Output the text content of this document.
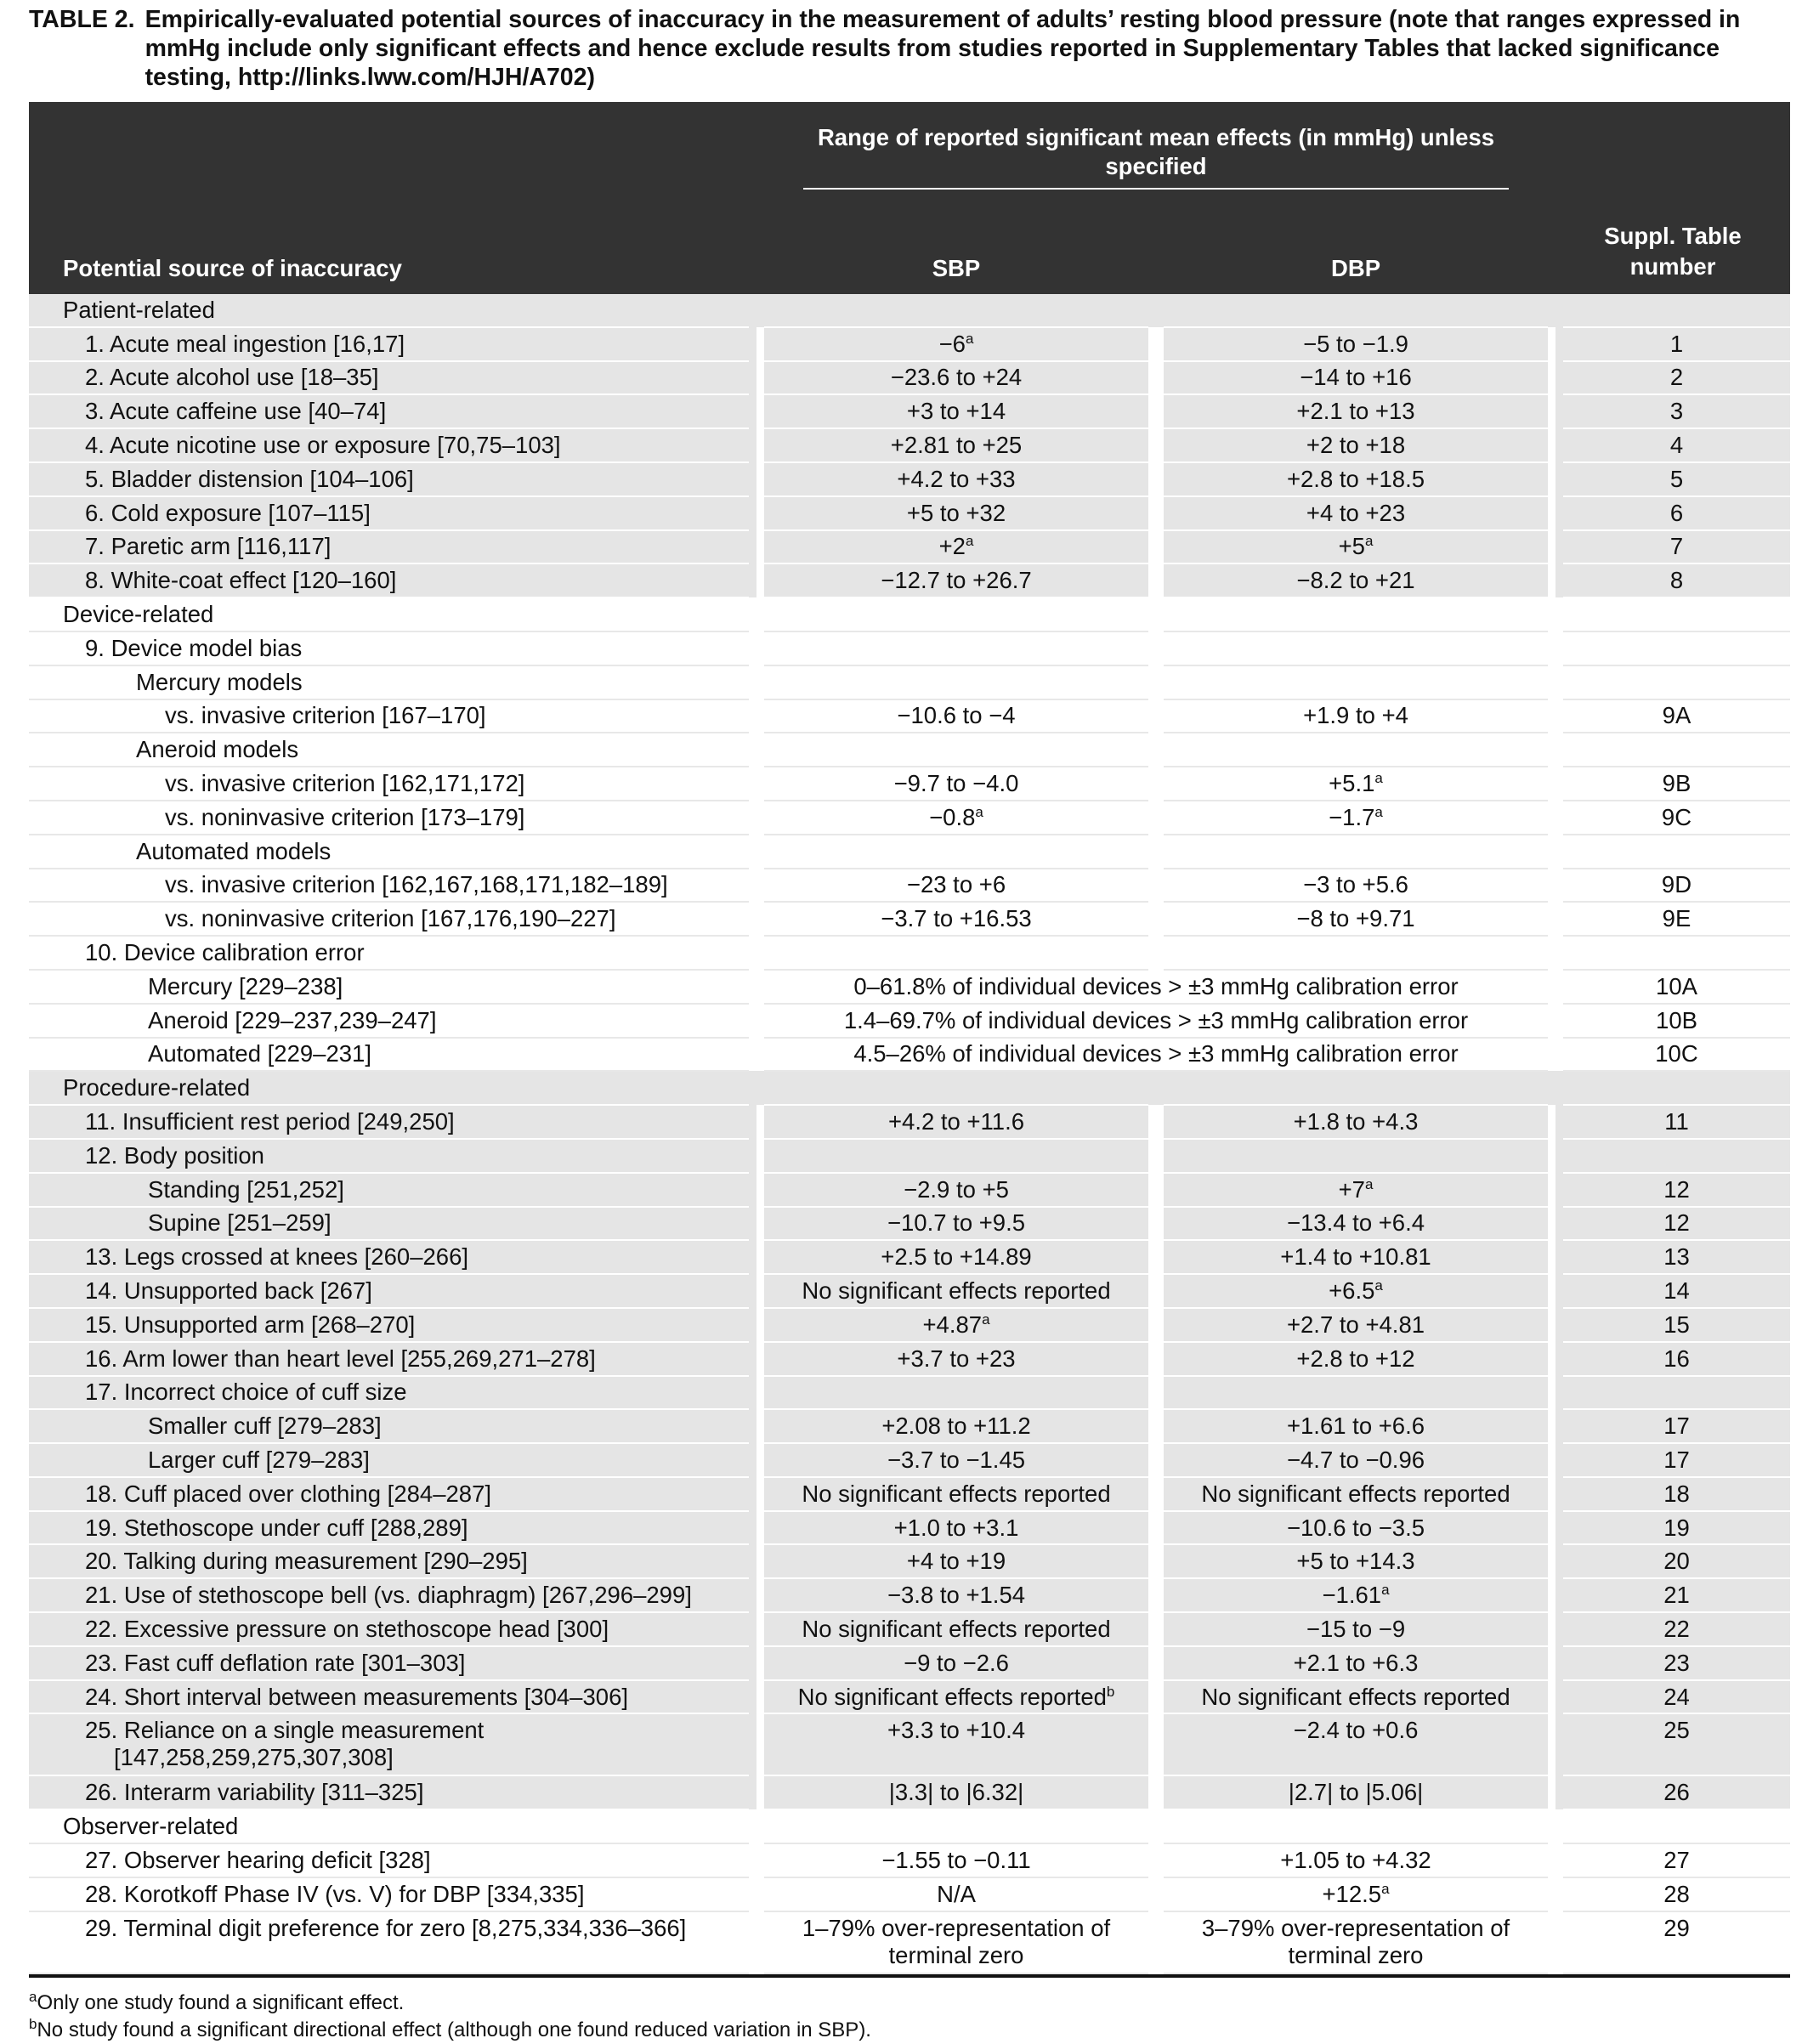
TABLE 2. Empirically-evaluated potential sources of inaccuracy in the measurement of adults’ resting blood pressure (note that ranges expressed in mmHg include only significant effects and hence exclude results from studies reported in Supplementary Tables that lacked significance testing, http://links.lww.com/HJH/A702)

	Range of reported significant mean effects (in mmHg) unless specified		

Potential source of inaccuracy	SBP	DBP	Suppl. Table number

Patient-related			
1. Acute meal ingestion [16,17]	$-6^a$	−5 to −1.9	1
2. Acute alcohol use [18–35]	−23.6 to +24	−14 to +16	2
3. Acute caffeine use [40–74]	+3 to +14	+2.1 to +13	3
4. Acute nicotine use or exposure [70,75–103]	+2.81 to +25	+2 to +18	4
5. Bladder distension [104–106]	+4.2 to +33	+2.8 to +18.5	5
6. Cold exposure [107–115]	+5 to +32	+4 to +23	6
7. Paretic arm [116,117]	$+2^a$	$+5^a$	7
8. White-coat effect [120–160]	−12.7 to +26.7	−8.2 to +21	8
Device-related			
9. Device model bias			
Mercury models			
vs. invasive criterion [167–170]	−10.6 to −4	+1.9 to +4	9A
Aneroid models			
vs. invasive criterion [162,171,172]	−9.7 to −4.0	+5.1$^a$	9B
vs. noninvasive criterion [173–179]	−0.8$^a$	−1.7$^a$	9C
Automated models			
vs. invasive criterion [162,167,168,171,182–189]	−23 to +6	−3 to +5.6	9D
vs. noninvasive criterion [167,176,190–227]	−3.7 to +16.53	−8 to +9.71	9E
10. Device calibration error			
Mercury [229–238]	0–61.8% of individual devices > ±3 mmHg calibration error		10A
Aneroid [229–237,239–247]	1.4–69.7% of individual devices > ±3 mmHg calibration error		10B
Automated [229–231]	4.5–26% of individual devices > ±3 mmHg calibration error		10C
Procedure-related			
11. Insufficient rest period [249,250]	+4.2 to +11.6	+1.8 to +4.3	11
12. Body position			
Standing [251,252]	−2.9 to +5	$+7^a$	12
Supine [251–259]	−10.7 to +9.5	−13.4 to +6.4	12
13. Legs crossed at knees [260–266]	+2.5 to +14.89	+1.4 to +10.81	13
14. Unsupported back [267]	No significant effects reported	+6.5$^a$	14
15. Unsupported arm [268–270]	+4.87$^a$	+2.7 to +4.81	15
16. Arm lower than heart level [255,269,271–278]	+3.7 to +23	+2.8 to +12	16
17. Incorrect choice of cuff size			
Smaller cuff [279–283]	+2.08 to +11.2	+1.61 to +6.6	17
Larger cuff [279–283]	−3.7 to −1.45	−4.7 to −0.96	17
18. Cuff placed over clothing [284–287]	No significant effects reported	No significant effects reported	18
19. Stethoscope under cuff [288,289]	+1.0 to +3.1	−10.6 to −3.5	19
20. Talking during measurement [290–295]	+4 to +19	+5 to +14.3	20
21. Use of stethoscope bell (vs. diaphragm) [267,296–299]	−3.8 to +1.54	−1.61$^a$	21
22. Excessive pressure on stethoscope head [300]	No significant effects reported	−15 to −9	22
23. Fast cuff deflation rate [301–303]	−9 to −2.6	+2.1 to +6.3	23
24. Short interval between measurements [304–306]	No significant effects reported$^b$	No significant effects reported	24
25. Reliance on a single measurement
[147,258,259,275,307,308]	+3.3 to +10.4	−2.4 to +0.6	25
26. Interarm variability [311–325]	|3.3| to |6.32|	|2.7| to |5.06|	26
Observer-related			
27. Observer hearing deficit [328]	−1.55 to −0.11	+1.05 to +4.32	27
28. Korotkoff Phase IV (vs. V) for DBP [334,335]	N/A	+12.5$^a$	28
29. Terminal digit preference for zero [8,275,334,336–366]	1–79% over-representation of
terminal zero	3–79% over-representation of
terminal zero	29
$^a$Only one study found a significant effect.
$^b$No study found a significant directional effect (although one found reduced variation in SBP).
